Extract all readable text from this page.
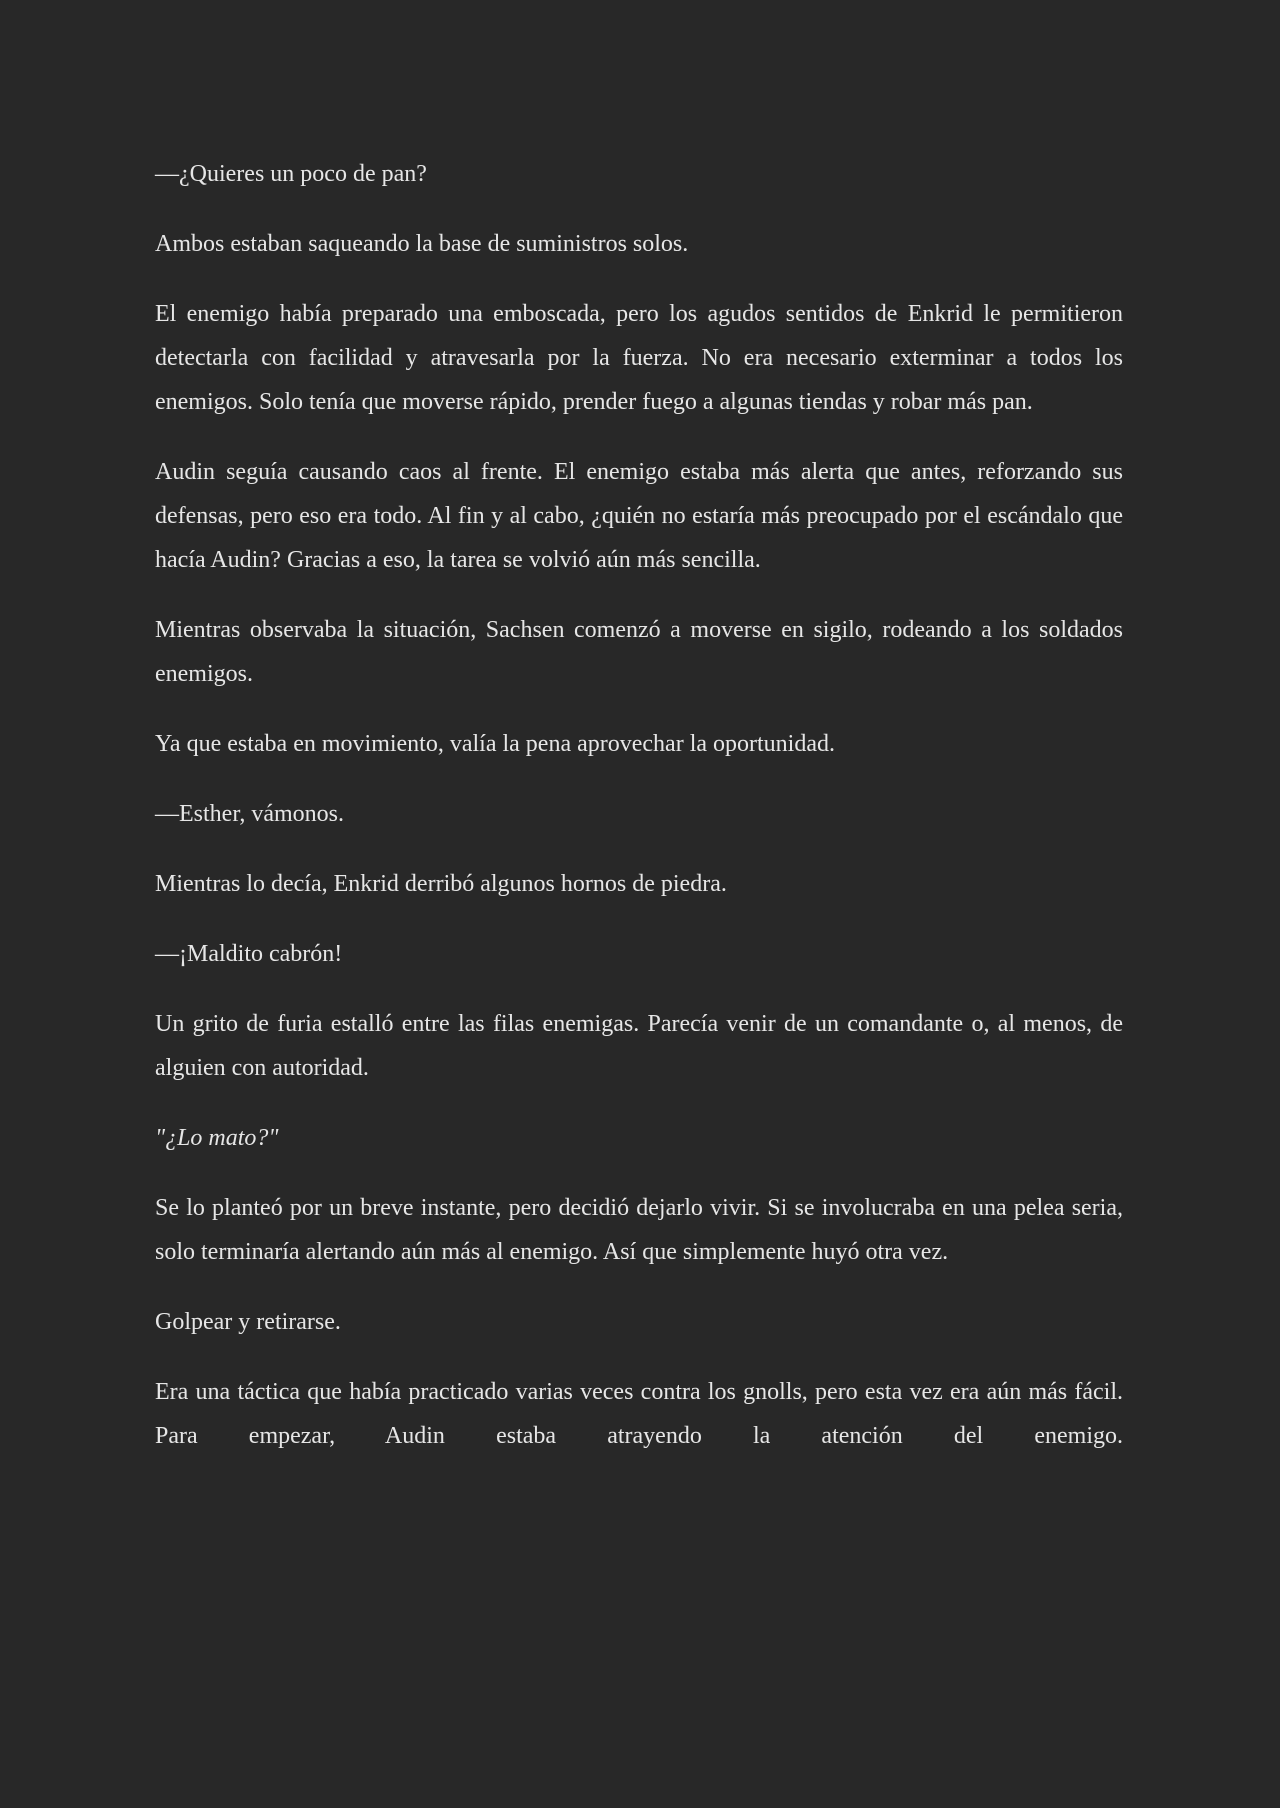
—¿Quieres un poco de pan?

Ambos estaban saqueando la base de suministros solos.

El enemigo había preparado una emboscada, pero los agudos sentidos de Enkrid le permitieron detectarla con facilidad y atravesarla por la fuerza. No era necesario exterminar a todos los enemigos. Solo tenía que moverse rápido, prender fuego a algunas tiendas y robar más pan.

Audin seguía causando caos al frente. El enemigo estaba más alerta que antes, reforzando sus defensas, pero eso era todo. Al fin y al cabo, ¿quién no estaría más preocupado por el escándalo que hacía Audin? Gracias a eso, la tarea se volvió aún más sencilla.

Mientras observaba la situación, Sachsen comenzó a moverse en sigilo, rodeando a los soldados enemigos.

Ya que estaba en movimiento, valía la pena aprovechar la oportunidad.

—Esther, vámonos.

Mientras lo decía, Enkrid derribó algunos hornos de piedra.

—¡Maldito cabrón!

Un grito de furia estalló entre las filas enemigas. Parecía venir de un comandante o, al menos, de alguien con autoridad.

"¿Lo mato?"

Se lo planteó por un breve instante, pero decidió dejarlo vivir. Si se involucraba en una pelea seria, solo terminaría alertando aún más al enemigo. Así que simplemente huyó otra vez.

Golpear y retirarse.

Era una táctica que había practicado varias veces contra los gnolls, pero esta vez era aún más fácil. Para empezar, Audin estaba atrayendo la atención del enemigo.
